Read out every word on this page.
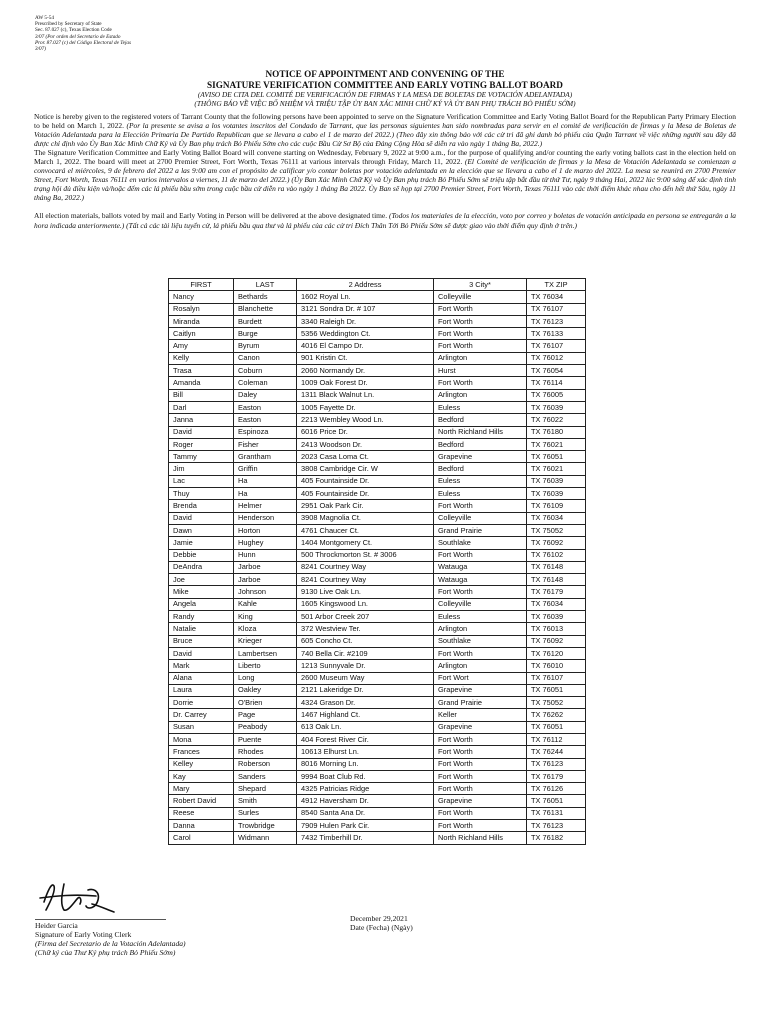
AW 5-54
Prescribed by Secretary of State
Sec. 87.027 (c), Texas Election Code
3/07 (Por orden del Secretario de Estado
Pror. 87.027 (c) del Código Electoral de Tejas
3/07)
NOTICE OF APPOINTMENT AND CONVENING OF THE
SIGNATURE VERIFICATION COMMITTEE AND EARLY VOTING BALLOT BOARD
(AVISO DE CITA DEL COMITÉ DE VERIFICACIÓN DE FIRMAS Y LA MESA DE BOLETAS DE VOTACIÓN ADELANTADA)
(THÔNG BÁO VỀ VIỆC BỔ NHIỆM VÀ TRIỆU TẬP ỦY BAN XÁC MINH CHỮ KÝ VÀ ỦY BAN PHỤ TRÁCH BỎ PHIẾU SỚM)

Notice is hereby given to the registered voters of Tarrant County that the following persons have been appointed to serve on the Signature Verification Committee and Early Voting Ballot Board for the Republican Party Primary Election to be held on March 1, 2022. (Por la presente se avisa a los votantes inscritos del Condado de Tarrant, que las personas siguientes han sido nombradas para servir en el comité de verificación de firmas y la Mesa de Boletas de Votación Adelantada para la Elección Primaria De Partido Republican que se llevara a cabo el 1 de marzo del 2022.) (Theo đây xin thông báo với các cử tri đã ghi danh bỏ phiếu của Quận Tarrant về việc những người sau đây đã được chỉ định vào Ủy Ban Xác Minh Chữ Ký và Ủy Ban phụ trách Bỏ Phiếu Sớm cho các cuộc Bầu Cử Sơ Bộ của Đảng Cộng Hòa sẽ diễn ra vào ngày 1 tháng Ba, 2022.)

The Signature Verification Committee and Early Voting Ballot Board will convene starting on Wednesday, February 9, 2022 at 9:00 a.m., for the purpose of qualifying and/or counting the early voting ballots cast in the election held on March 1, 2022. The board will meet at 2700 Premier Street, Fort Worth, Texas 76111 at various intervals through Friday, March 11, 2022. (El Comité de verificación de firmas y la Mesa de Votación Adelantada se comienzan a convocará el miércoles, 9 de febrero del 2022 a las 9:00 am con el propósito de calificar y/o contar boletas por votación adelantada en la elección que se llevara a cabo el 1 de marzo del 2022. La mesa se reunirá en 2700 Premier Street, Fort Worth, Texas 76111 en varios intervalos a viernes, 11 de marzo del 2022.) (Ủy Ban Xác Minh Chữ Ký và Ủy Ban phụ trách Bỏ Phiếu Sớm sẽ triệu tập bắt đầu từ thứ Tư, ngày 9 tháng Hai, 2022 lúc 9:00 sáng để xác định tình trạng hội đủ điều kiện và/hoặc đếm các lá phiếu bầu sớm trong cuộc bầu cử diễn ra vào ngày 1 tháng Ba 2022. Ủy Ban sẽ họp tại 2700 Premier Street, Fort Worth, Texas 76111 vào các thời điểm khác nhau cho đến hết thứ Sáu, ngày 11 tháng Ba, 2022.)

All election materials, ballots voted by mail and Early Voting in Person will be delivered at the above designated time. (Todos los materiales de la elección, voto por correo y boletas de votación anticipada en persona se entregarán a la hora indicada anteriormente.) (Tất cả các tài liệu tuyển cử, lá phiếu bầu qua thư và lá phiếu của các cử tri Đích Thân Tới Bỏ Phiếu Sớm sẽ được giao vào thời điểm quy định ở trên.)

FIRST	LAST	2 Address	3 City*	TX ZIP
Nancy	Bethards	1602 Royal Ln.	Colleyville	TX 76034
Rosalyn	Blanchette	3121 Sondra Dr. # 107	Fort Worth	TX 76107
Miranda	Burdett	3340 Raleigh Dr.	Fort Worth	TX 76123
Caitlyn	Burge	5356 Weddington Ct.	Fort Worth	TX 76133
Amy	Byrum	4016 El Campo Dr.	Fort Worth	TX 76107
Kelly	Canon	901 Kristin Ct.	Arlington	TX 76012
Trasa	Coburn	2060 Normandy Dr.	Hurst	TX 76054
Amanda	Coleman	1009 Oak Forest Dr.	Fort Worth	TX 76114
Bill	Daley	1311 Black Walnut Ln.	Arlington	TX 76005
Darl	Easton	1005 Fayette Dr.	Euless	TX 76039
Janna	Easton	2213 Wembley Wood Ln.	Bedford	TX 76022
David	Espinoza	6016 Price Dr.	North Richland Hills	TX 76180
Roger	Fisher	2413 Woodson Dr.	Bedford	TX 76021
Tammy	Grantham	2023 Casa Loma Ct.	Grapevine	TX 76051
Jim	Griffin	3808 Cambridge Cir. W	Bedford	TX 76021
Lac	Ha	405 Fountainside Dr.	Euless	TX 76039
Thuy	Ha	405 Fountainside Dr.	Euless	TX 76039
Brenda	Helmer	2951 Oak Park Cir.	Fort Worth	TX 76109
David	Henderson	3908 Magnolia Ct.	Colleyville	TX 76034
Dawn	Horton	4761 Chaucer Ct.	Grand Prairie	TX 75052
Jamie	Hughey	1404 Montgomery Ct.	Southlake	TX 76092
Debbie	Hunn	500 Throckmorton St. # 3006	Fort Worth	TX 76102
DeAndra	Jarboe	8241 Courtney Way	Watauga	TX 76148
Joe	Jarboe	8241 Courtney Way	Watauga	TX 76148
Mike	Johnson	9130 Live Oak Ln.	Fort Worth	TX 76179
Angela	Kahle	1605 Kingswood Ln.	Colleyville	TX 76034
Randy	King	501 Arbor Creek 207	Euless	TX 76039
Natalie	Kloza	372 Westview Ter.	Arlington	TX 76013
Bruce	Krieger	605 Concho Ct.	Southlake	TX 76092
David	Lambertsen	740 Bella Cir. #2109	Fort Worth	TX 76120
Mark	Liberto	1213 Sunnyvale Dr.	Arlington	TX 76010
Alana	Long	2600 Museum Way	Fort Wort	TX 76107
Laura	Oakley	2121 Lakeridge Dr.	Grapevine	TX 76051
Dorrie	O'Brien	4324 Grason Dr.	Grand Prairie	TX 75052
Dr. Carrey	Page	1467 Highland Ct.	Keller	TX 76262
Susan	Peabody	613 Oak Ln.	Grapevine	TX 76051
Mona	Puente	404 Forest River Cir.	Fort Worth	TX 76112
Frances	Rhodes	10613 Elhurst Ln.	Fort Worth	TX 76244
Kelley	Roberson	8016 Morning Ln.	Fort Worth	TX 76123
Kay	Sanders	9994 Boat Club Rd.	Fort Worth	TX 76179
Mary	Shepard	4325 Patricias Ridge	Fort Worth	TX 76126
Robert David	Smith	4912 Haversham Dr.	Grapevine	TX 76051
Reese	Surles	8540 Santa Ana Dr.	Fort Worth	TX 76131
Danna	Trowbridge	7909 Hulen Park Cir.	Fort Worth	TX 76123
Carol	Widmann	7432 Timberhill Dr.	North Richland Hills	TX 76182
Heider Garcia
Signature of Early Voting Clerk
(Firma del Secretario de la Votación Adelantada)
(Chữ ký của Thư Ký phụ trách Bỏ Phiếu Sớm)
December 29,2021
Date (Fecha) (Ngày)
